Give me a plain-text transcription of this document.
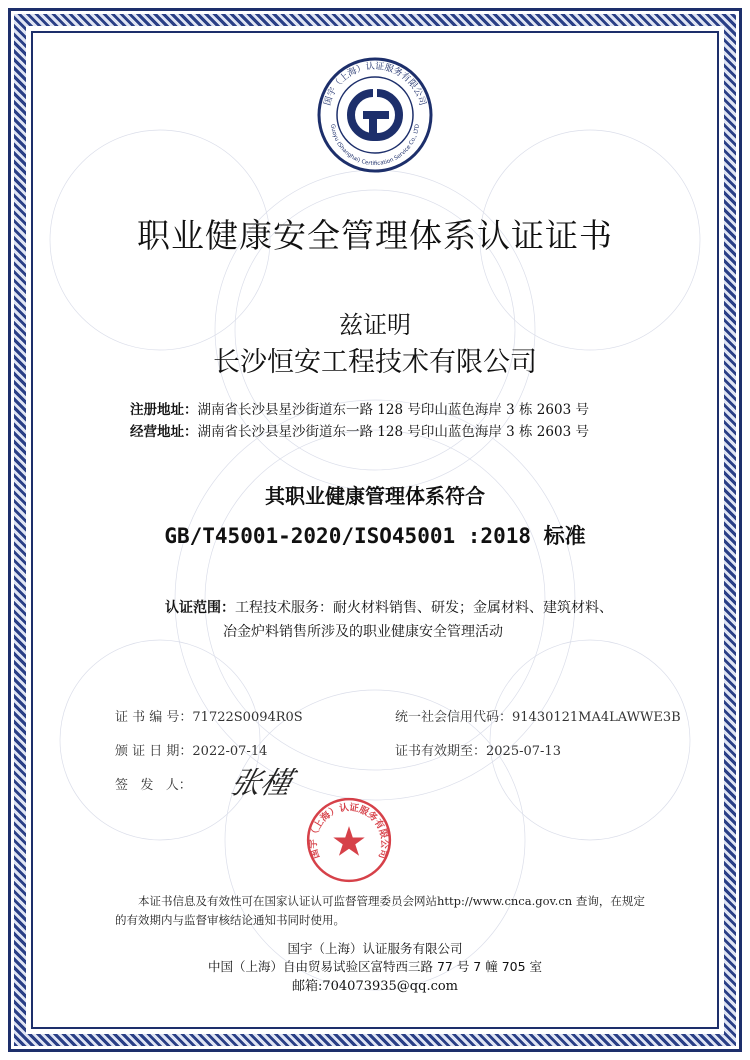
国宇（上海）认证服务有限公司
Guoyu (Shanghai) Certification Service Co., LTD
职业健康安全管理体系认证证书
兹证明
长沙恒安工程技术有限公司
注册地址：湖南省长沙县星沙街道东一路 128 号印山蓝色海岸 3 栋 2603 号
经营地址：湖南省长沙县星沙街道东一路 128 号印山蓝色海岸 3 栋 2603 号
其职业健康管理体系符合
GB/T45001-2020/ISO45001 :2018 标准
认证范围：工程技术服务：耐火材料销售、研发；金属材料、建筑材料、
冶金炉料销售所涉及的职业健康安全管理活动
证 书 编 号：71722S0094R0S	统一社会信用代码：91430121MA4LAWWE3B
颁 证 日 期：2022-07-14	证书有效期至：2025-07-13
签   发   人： 张槿
国宇（上海）认证服务有限公司
本证书信息及有效性可在国家认证认可监督管理委员会网站http://www.cnca.gov.cn 查询，在规定的有效期内与监督审核结论通知书同时使用。
国宇（上海）认证服务有限公司
中国（上海）自由贸易试验区富特西三路 77 号 7 幢 705 室
邮箱:704073935@qq.com
